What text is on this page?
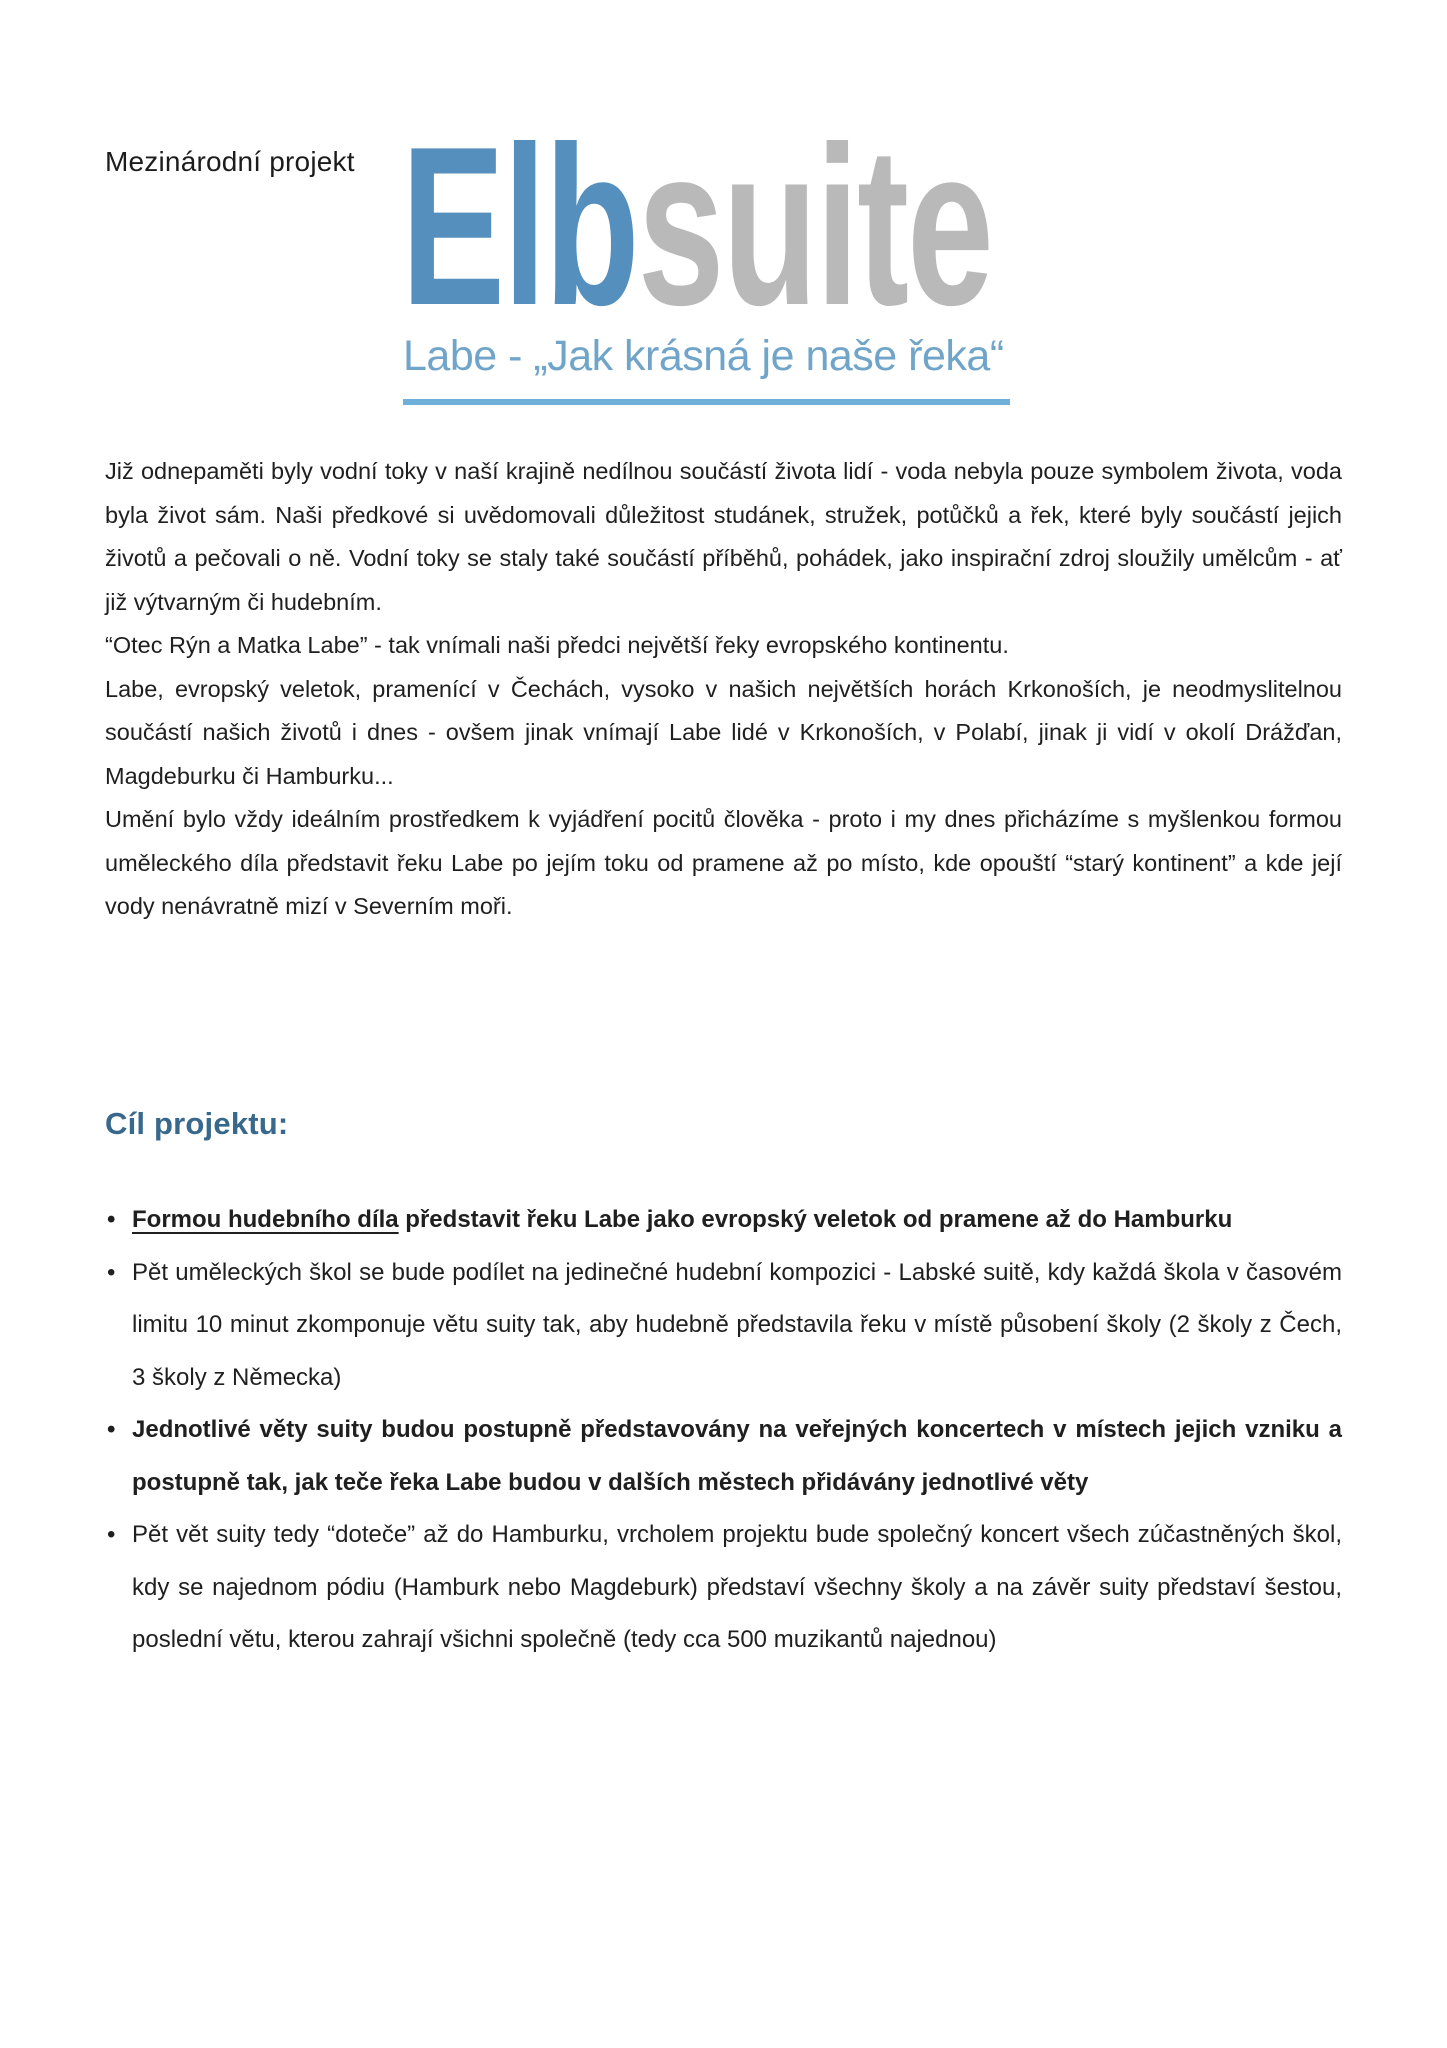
Mezinárodní projekt Elbsuite
Labe - „Jak krásná je naše řeka“

Již odnepaměti byly vodní toky v naší krajině nedílnou součástí života lidí - voda nebyla pouze symbolem života, voda byla život sám. Naši předkové si uvědomovali důležitost studánek, stružek, potůčků a řek, které byly součástí jejich životů a pečovali o ně. Vodní toky se staly také součástí příběhů, pohádek, jako inspirační zdroj sloužily umělcům - ať již výtvarným či hudebním.

“Otec Rýn a Matka Labe” - tak vnímali naši předci největší řeky evropského kontinentu.

Labe, evropský veletok, pramenící v Čechách, vysoko v našich největších horách Krkonoších, je neodmyslitelnou součástí našich životů i dnes - ovšem jinak vnímají Labe lidé v Krkonoších, v Polabí, jinak ji vidí v okolí Drážďan, Magdeburku či Hamburku...

Umění bylo vždy ideálním prostředkem k vyjádření pocitů člověka - proto i my dnes přicházíme s myšlenkou formou uměleckého díla představit řeku Labe po jejím toku od pramene až po místo, kde opouští “starý kontinent” a kde její vody nenávratně mizí v Severním moři.

Cíl projektu:
• Formou hudebního díla představit řeku Labe jako evropský veletok od pramene až do Hamburku
• Pět uměleckých škol se bude podílet na jedinečné hudební kompozici - Labské suitě, kdy každá škola v časovém limitu 10 minut zkomponuje větu suity tak, aby hudebně představila řeku v místě působení školy (2 školy z Čech, 3 školy z Německa)
• Jednotlivé věty suity budou postupně představovány na veřejných koncertech v místech jejich vzniku a postupně tak, jak teče řeka Labe budou v dalších městech přidávány jednotlivé věty
• Pět vět suity tedy “doteče” až do Hamburku, vrcholem projektu bude společný koncert všech zúčastněných škol, kdy se najednom pódiu (Hamburk nebo Magdeburk) představí všechny školy a na závěr suity představí šestou, poslední větu, kterou zahrají všichni společně (tedy cca 500 muzikantů najednou)
